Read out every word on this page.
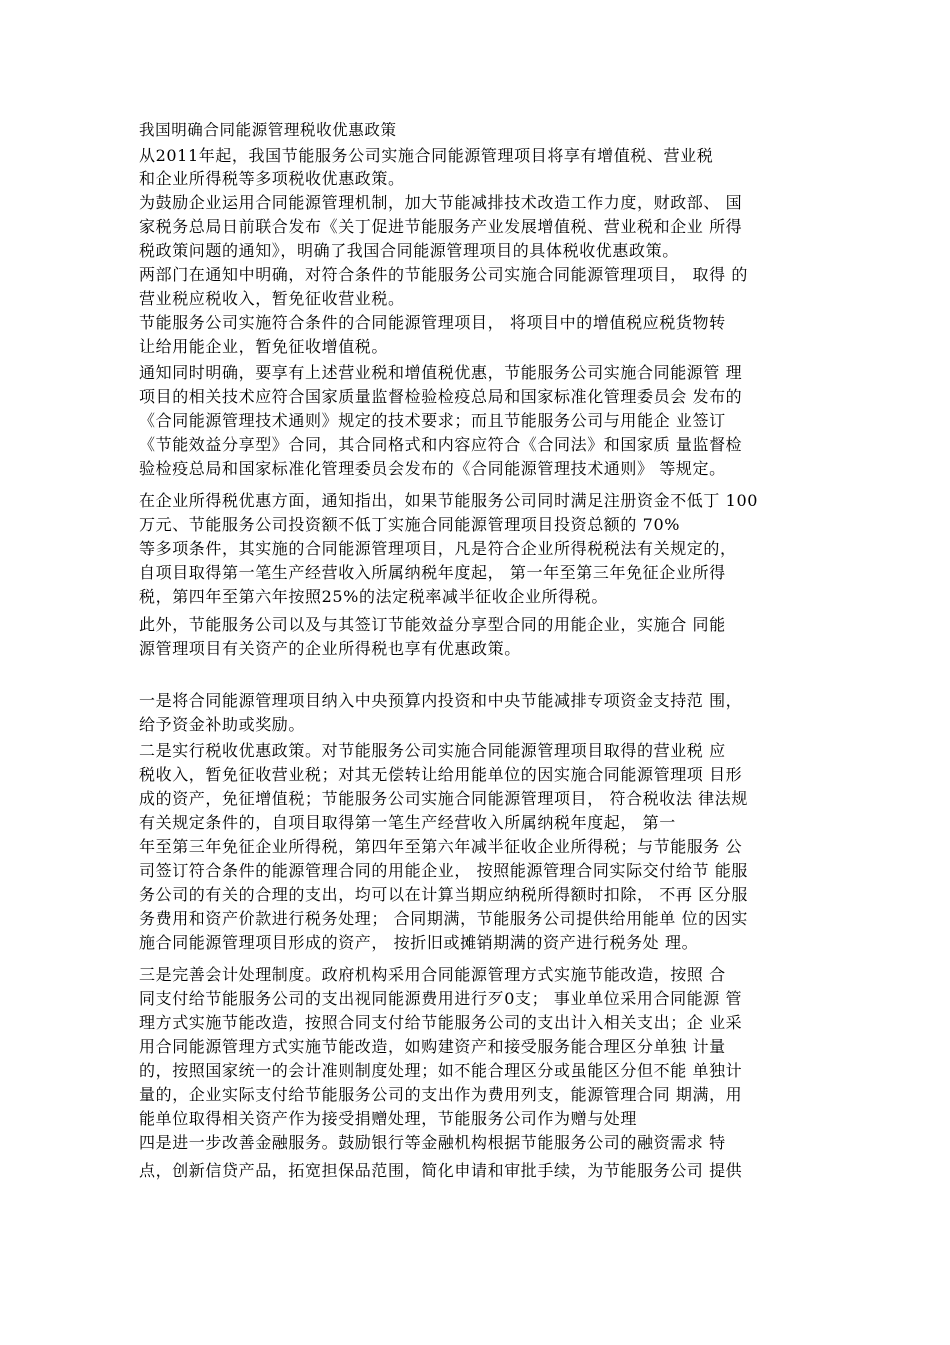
我国明确合同能源管理税收优惠政策
从2011年起，我国节能服务公司实施合同能源管理项目将享有增值税、营业税
和企业所得税等多项税收优惠政策。
为鼓励企业运用合同能源管理机制，加大节能减排技术改造工作力度，财政部、 国
家税务总局日前联合发布《关丁促进节能服务产业发展增值税、营业税和企业 所得
税政策问题的通知》，明确了我国合同能源管理项目的具体税收优惠政策。
两部门在通知中明确，对符合条件的节能服务公司实施合同能源管理项目， 取得 的
营业税应税收入，暂免征收营业税。
节能服务公司实施符合条件的合同能源管理项目， 将项目中的增值税应税货物转
让给用能企业，暂免征收增值税。
通知同时明确，要享有上述营业税和增值税优惠，节能服务公司实施合同能源管 理
项目的相关技术应符合国家质量监督检验检疫总局和国家标准化管理委员会 发布的
《合同能源管理技术通则》规定的技术要求；而且节能服务公司与用能企 业签订
《节能效益分享型》合同，其合同格式和内容应符合《合同法》和国家质 量监督检
验检疫总局和国家标准化管理委员会发布的《合同能源管理技术通则》 等规定。
在企业所得税优惠方面，通知指出，如果节能服务公司同时满足注册资金不低丁 100
万元、节能服务公司投资额不低丁实施合同能源管理项目投资总额的 70%
等多项条件，其实施的合同能源管理项目，凡是符合企业所得税税法有关规定的，
自项目取得第一笔生产经营收入所属纳税年度起， 第一年至第三年免征企业所得
税，第四年至第六年按照25%的法定税率减半征收企业所得税。
此外，节能服务公司以及与其签订节能效益分享型合同的用能企业，实施合 同能
源管理项目有关资产的企业所得税也享有优惠政策。
一是将合同能源管理项目纳入中央预算内投资和中央节能减排专项资金支持范 围，
给予资金补助或奖励。
二是实行税收优惠政策。对节能服务公司实施合同能源管理项目取得的营业税 应
税收入，暂免征收营业税；对其无偿转让给用能单位的因实施合同能源管理项 目形
成的资产，免征增值税；节能服务公司实施合同能源管理项目， 符合税收法 律法规
有关规定条件的，自项目取得第一笔生产经营收入所属纳税年度起， 第一
年至第三年免征企业所得税，第四年至第六年减半征收企业所得税；与节能服务 公
司签订符合条件的能源管理合同的用能企业， 按照能源管理合同实际交付给节 能服
务公司的有关的合理的支出，均可以在计算当期应纳税所得额时扣除， 不再 区分服
务费用和资产价款进行税务处理； 合同期满，节能服务公司提供给用能单 位的因实
施合同能源管理项目形成的资产， 按折旧或摊销期满的资产进行税务处 理。
三是完善会计处理制度。政府机构采用合同能源管理方式实施节能改造，按照 合
同支付给节能服务公司的支出视同能源费用进行歹0支； 事业单位采用合同能源 管
理方式实施节能改造，按照合同支付给节能服务公司的支出计入相关支出；企 业采
用合同能源管理方式实施节能改造，如购建资产和接受服务能合理区分单独 计量
的，按照国家统一的会计准则制度处理；如不能合理区分或虽能区分但不能 单独计
量的，企业实际支付给节能服务公司的支出作为费用列支，能源管理合同 期满，用
能单位取得相关资产作为接受捐赠处理，节能服务公司作为赠与处理
四是进一步改善金融服务。鼓励银行等金融机构根据节能服务公司的融资需求 特
点，创新信贷产品，拓宽担保品范围，简化申请和审批手续，为节能服务公司 提供
